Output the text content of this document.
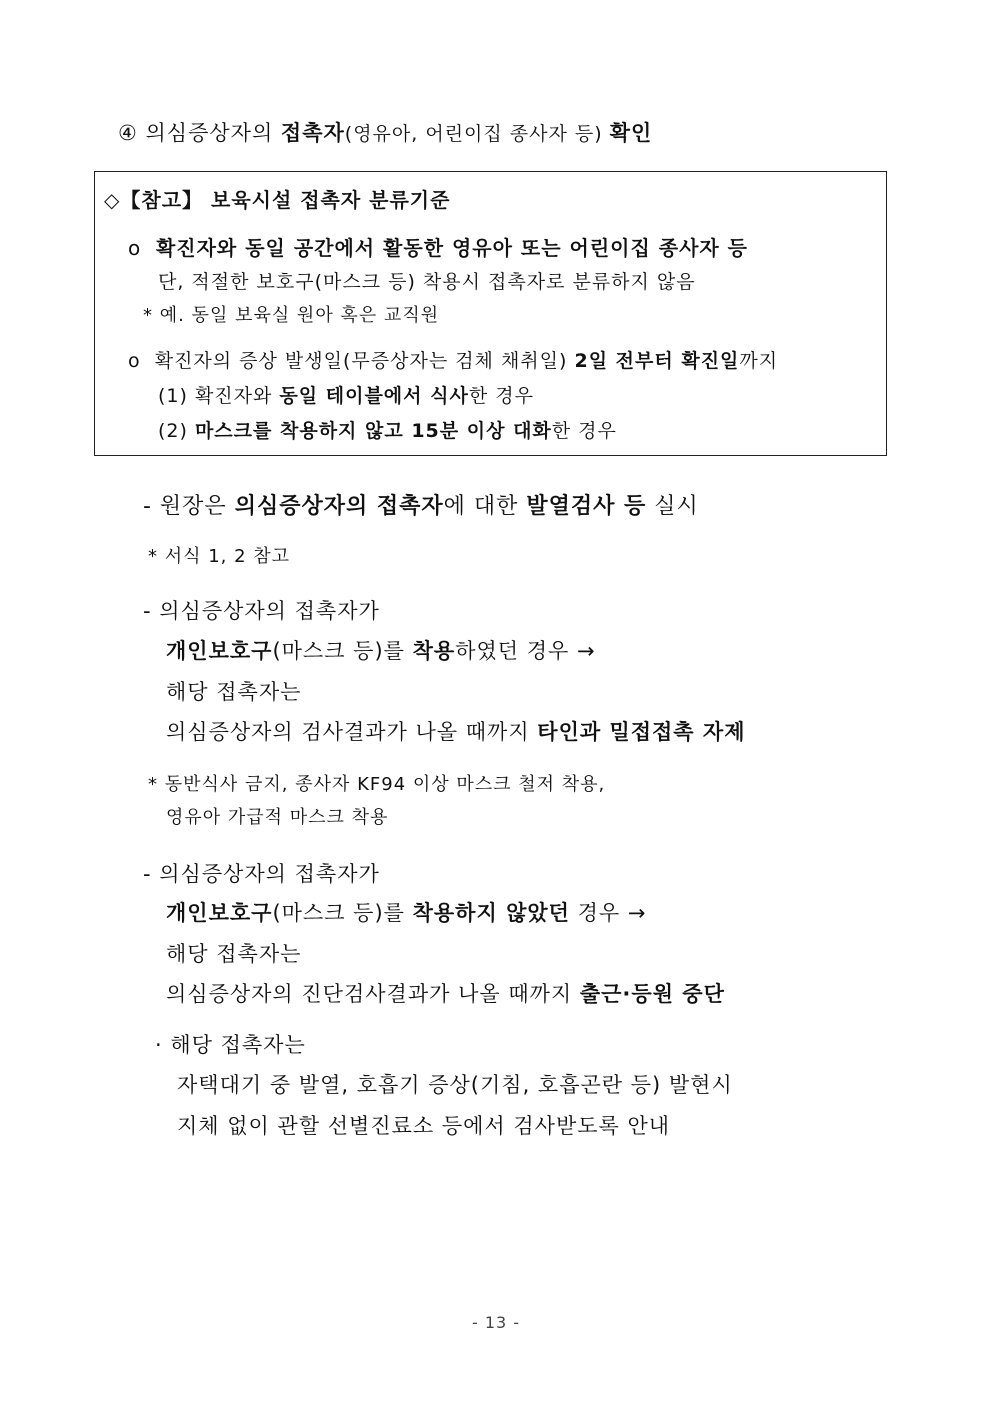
④ 의심증상자의 접촉자(영유아, 어린이집 종사자 등) 확인
◇【참고】 보육시설 접촉자 분류기준
o 확진자와 동일 공간에서 활동한 영유아 또는 어린이집 종사자 등
단, 적절한 보호구(마스크 등) 착용시 접촉자로 분류하지 않음
* 예. 동일 보육실 원아 혹은 교직원
o 확진자의 증상 발생일(무증상자는 검체 채취일) 2일 전부터 확진일까지
(1) 확진자와 동일 테이블에서 식사한 경우
(2) 마스크를 착용하지 않고 15분 이상 대화한 경우
- 원장은 의심증상자의 접촉자에 대한 발열검사 등 실시
* 서식 1, 2 참고
- 의심증상자의 접촉자가
개인보호구(마스크 등)를 착용하였던 경우 →
해당 접촉자는
의심증상자의 검사결과가 나올 때까지 타인과 밀접접촉 자제
* 동반식사 금지, 종사자 KF94 이상 마스크 철저 착용,
영유아 가급적 마스크 착용
- 의심증상자의 접촉자가
개인보호구(마스크 등)를 착용하지 않았던 경우 →
해당 접촉자는
의심증상자의 진단검사결과가 나올 때까지 출근·등원 중단
· 해당 접촉자는
자택대기 중 발열, 호흡기 증상(기침, 호흡곤란 등) 발현시
지체 없이 관할 선별진료소 등에서 검사받도록 안내
- 13 -
